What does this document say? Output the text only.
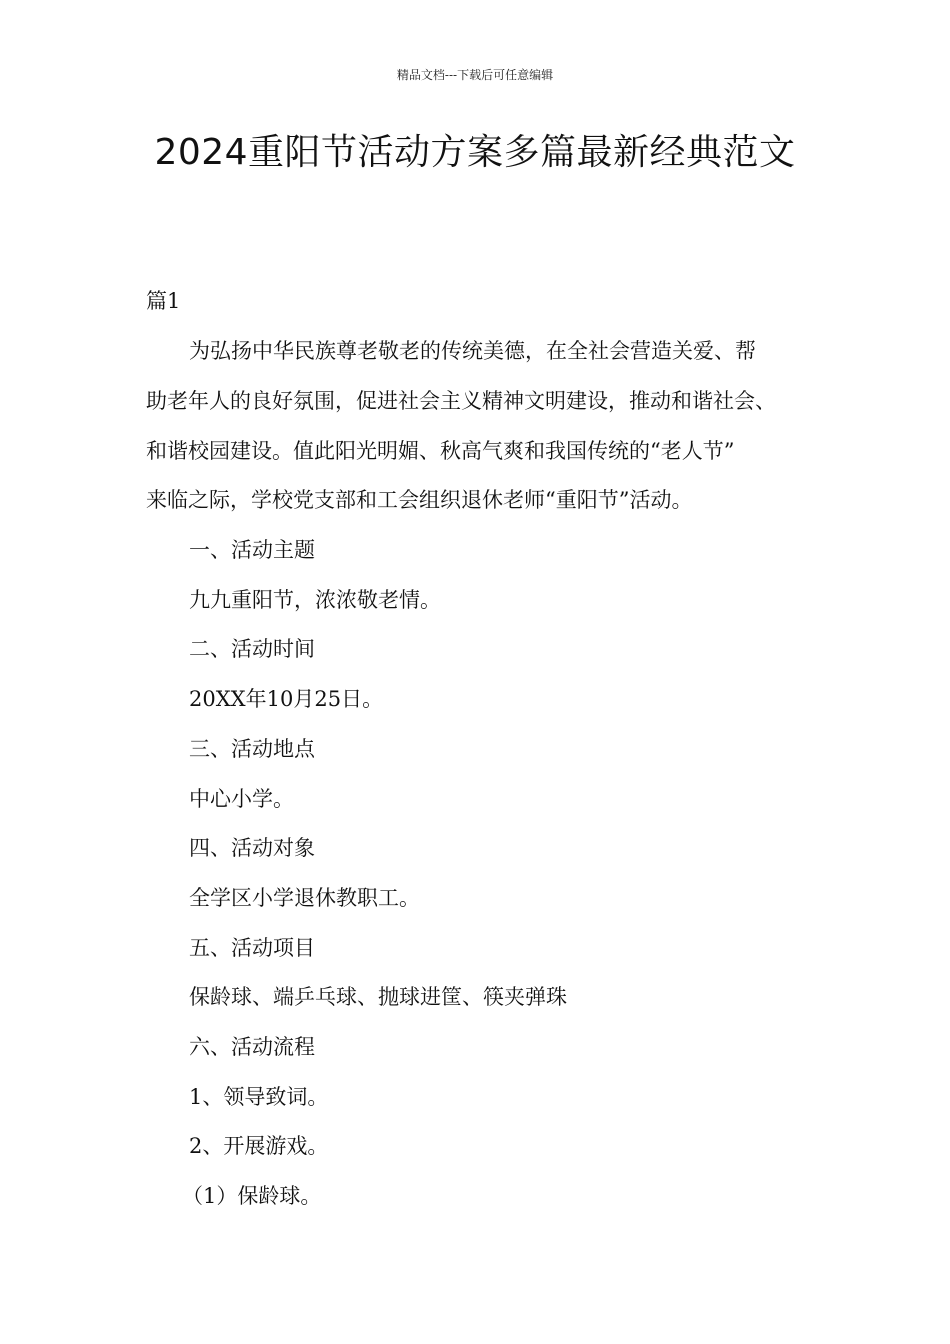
精品文档---下载后可任意编辑
2024重阳节活动方案多篇最新经典范文
篇1
为弘扬中华民族尊老敬老的传统美德，在全社会营造关爱、帮
助老年人的良好氛围，促进社会主义精神文明建设，推动和谐社会、
和谐校园建设。值此阳光明媚、秋高气爽和我国传统的“老人节”
来临之际，学校党支部和工会组织退休老师“重阳节”活动。
一、活动主题
九九重阳节，浓浓敬老情。
二、活动时间
20XX年10月25日。
三、活动地点
中心小学。
四、活动对象
全学区小学退休教职工。
五、活动项目
保龄球、端乒乓球、抛球进筐、筷夹弹珠
六、活动流程
1、领导致词。
2、开展游戏。
（1）保龄球。
